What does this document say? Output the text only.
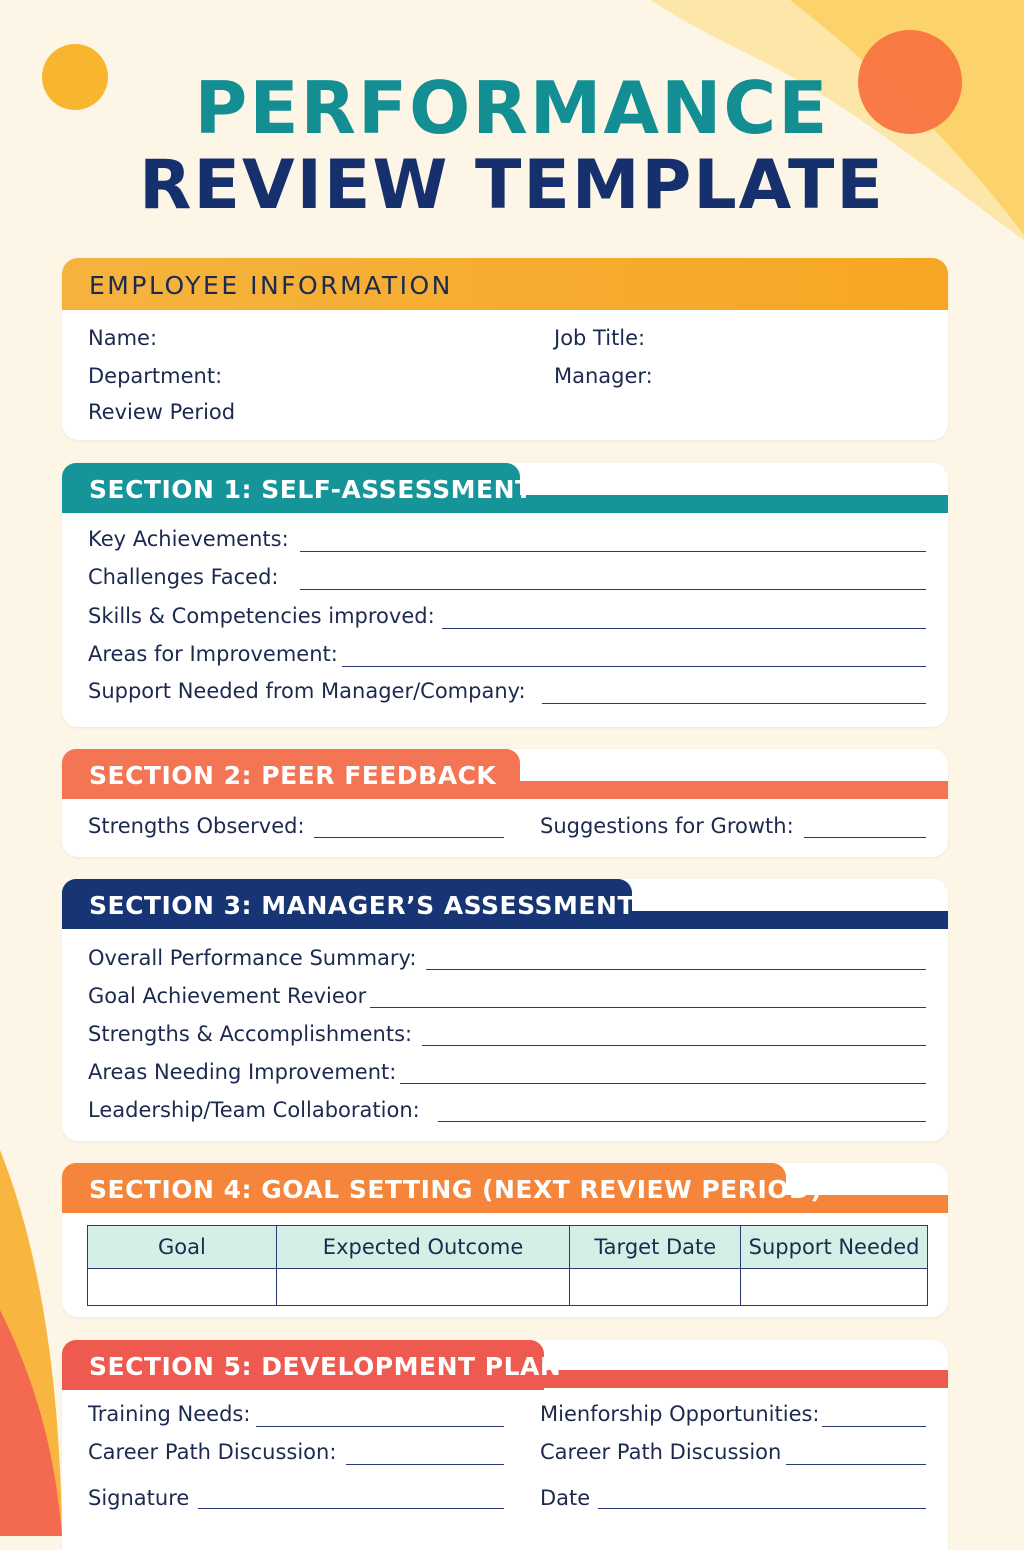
PERFORMANCE
REVIEW TEMPLATE
EMPLOYEE INFORMATION
Name:	Job Title:
Department:	Manager:
Review Period
SECTION 1: SELF-ASSESSMENT
Key Achievements:
Challenges Faced:
Skills & Competencies improved:
Areas for Improvement:
Support Needed from Manager/Company:
SECTION 2: PEER FEEDBACK
Strengths Observed:	Suggestions for Growth:
SECTION 3: MANAGER’S ASSESSMENT
Overall Performance Summary:
Goal Achievement Revieor
Strengths & Accomplishments:
Areas Needing Improvement:
Leadership/Team Collaboration:
SECTION 4: GOAL SETTING (NEXT REVIEW PERIOD)
Goal	Expected Outcome	Target Date	Support Needed

SECTION 5: DEVELOPMENT PLAN
Training Needs:	Mienforship Opportunities:
Career Path Discussion:	Career Path Discussion
Signature	Date
